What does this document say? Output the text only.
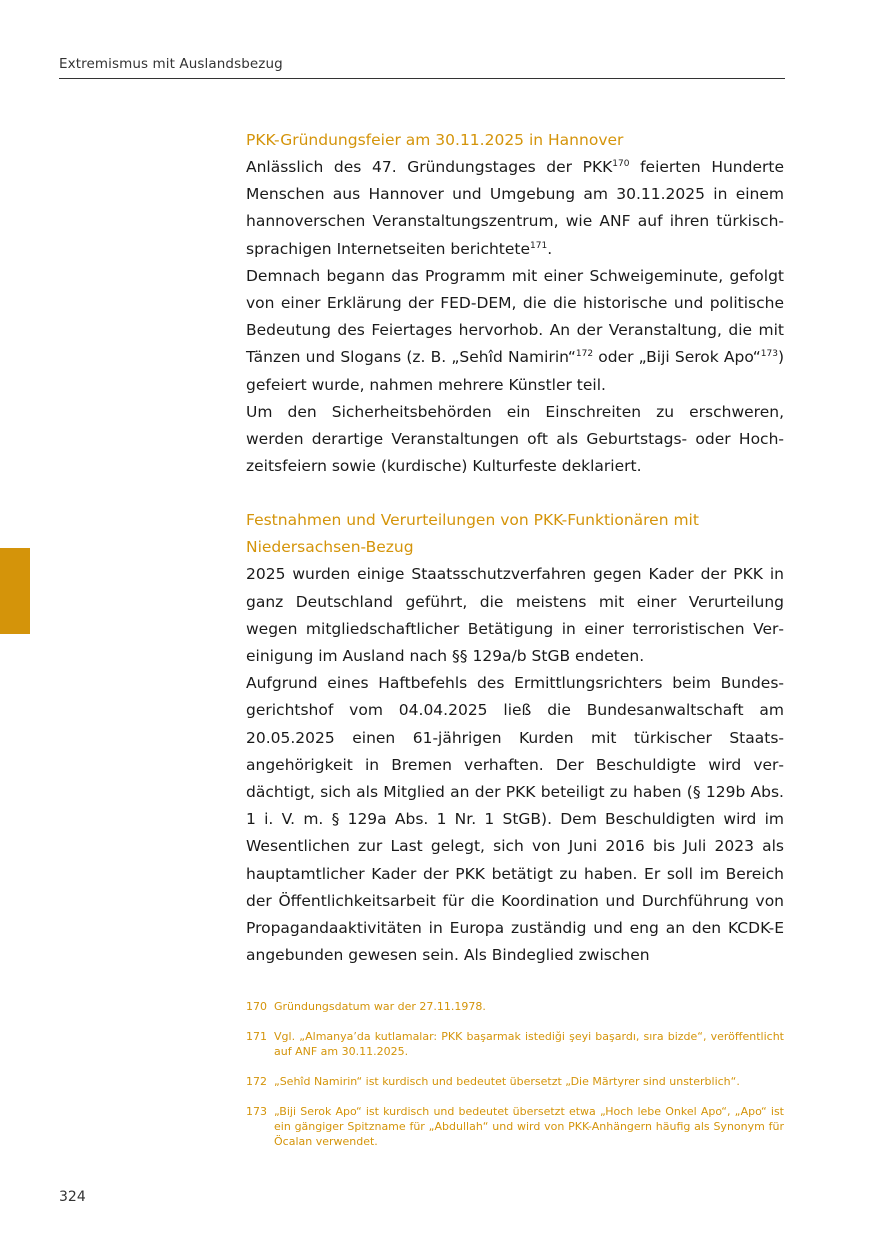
Extremismus mit Auslandsbezug
PKK-Gründungsfeier am 30.11.2025 in Hannover

Anlässlich des 47. Gründungstages der PKK$^{170}$ feierten Hunderte Menschen aus Hannover und Umgebung am 30.11.2025 in einem hannoverschen Veranstaltungszentrum, wie ANF auf ihren türkischsprachigen Internetseiten berichtete$^{171}$.

Demnach begann das Programm mit einer Schweigeminute, gefolgt von einer Erklärung der FED-DEM, die die historische und politische Bedeutung des Feiertages hervorhob. An der Veranstaltung, die mit Tänzen und Slogans (z. B. „Sehîd Namirin“$^{172}$ oder „Biji Serok Apo“$^{173}$) gefeiert wurde, nahmen mehrere Künstler teil.

Um den Sicherheitsbehörden ein Einschreiten zu erschweren, werden derartige Veranstaltungen oft als Geburtstags- oder Hochzeitsfeiern sowie (kurdische) Kulturfeste deklariert.

Festnahmen und Verurteilungen von PKK-Funktionären mit
Niedersachsen-Bezug

2025 wurden einige Staatsschutzverfahren gegen Kader der PKK in ganz Deutschland geführt, die meistens mit einer Verurteilung wegen mitgliedschaftlicher Betätigung in einer terroristischen Vereinigung im Ausland nach §§ 129a/b StGB endeten.

Aufgrund eines Haftbefehls des Ermittlungsrichters beim Bundesgerichtshof vom 04.04.2025 ließ die Bundesanwaltschaft am 20.05.2025 einen 61-jährigen Kurden mit türkischer Staatsangehörigkeit in Bremen verhaften. Der Beschuldigte wird verdächtigt, sich als Mitglied an der PKK beteiligt zu haben (§ 129b Abs. 1 i. V. m. § 129a Abs. 1 Nr. 1 StGB). Dem Beschuldigten wird im Wesentlichen zur Last gelegt, sich von Juni 2016 bis Juli 2023 als hauptamtlicher Kader der PKK betätigt zu haben. Er soll im Bereich der Öffentlichkeitsarbeit für die Koordination und Durchführung von Propagandaaktivitäten in Europa zuständig und eng an den KCDK-E angebunden gewesen sein. Als Bindeglied zwischen

170 Gründungsdatum war der 27.11.1978.
171 Vgl. „Almanya’da kutlamalar: PKK başarmak istediği şeyi başardı, sıra bizde“, veröffentlicht auf ANF am 30.11.2025.
172 „Sehîd Namirin“ ist kurdisch und bedeutet übersetzt „Die Märtyrer sind unsterblich“.
173 „Biji Serok Apo“ ist kurdisch und bedeutet übersetzt etwa „Hoch lebe Onkel Apo“, „Apo“ ist ein gängiger Spitzname für „Abdullah“ und wird von PKK-Anhängern häufig als Synonym für Öcalan verwendet.
324
